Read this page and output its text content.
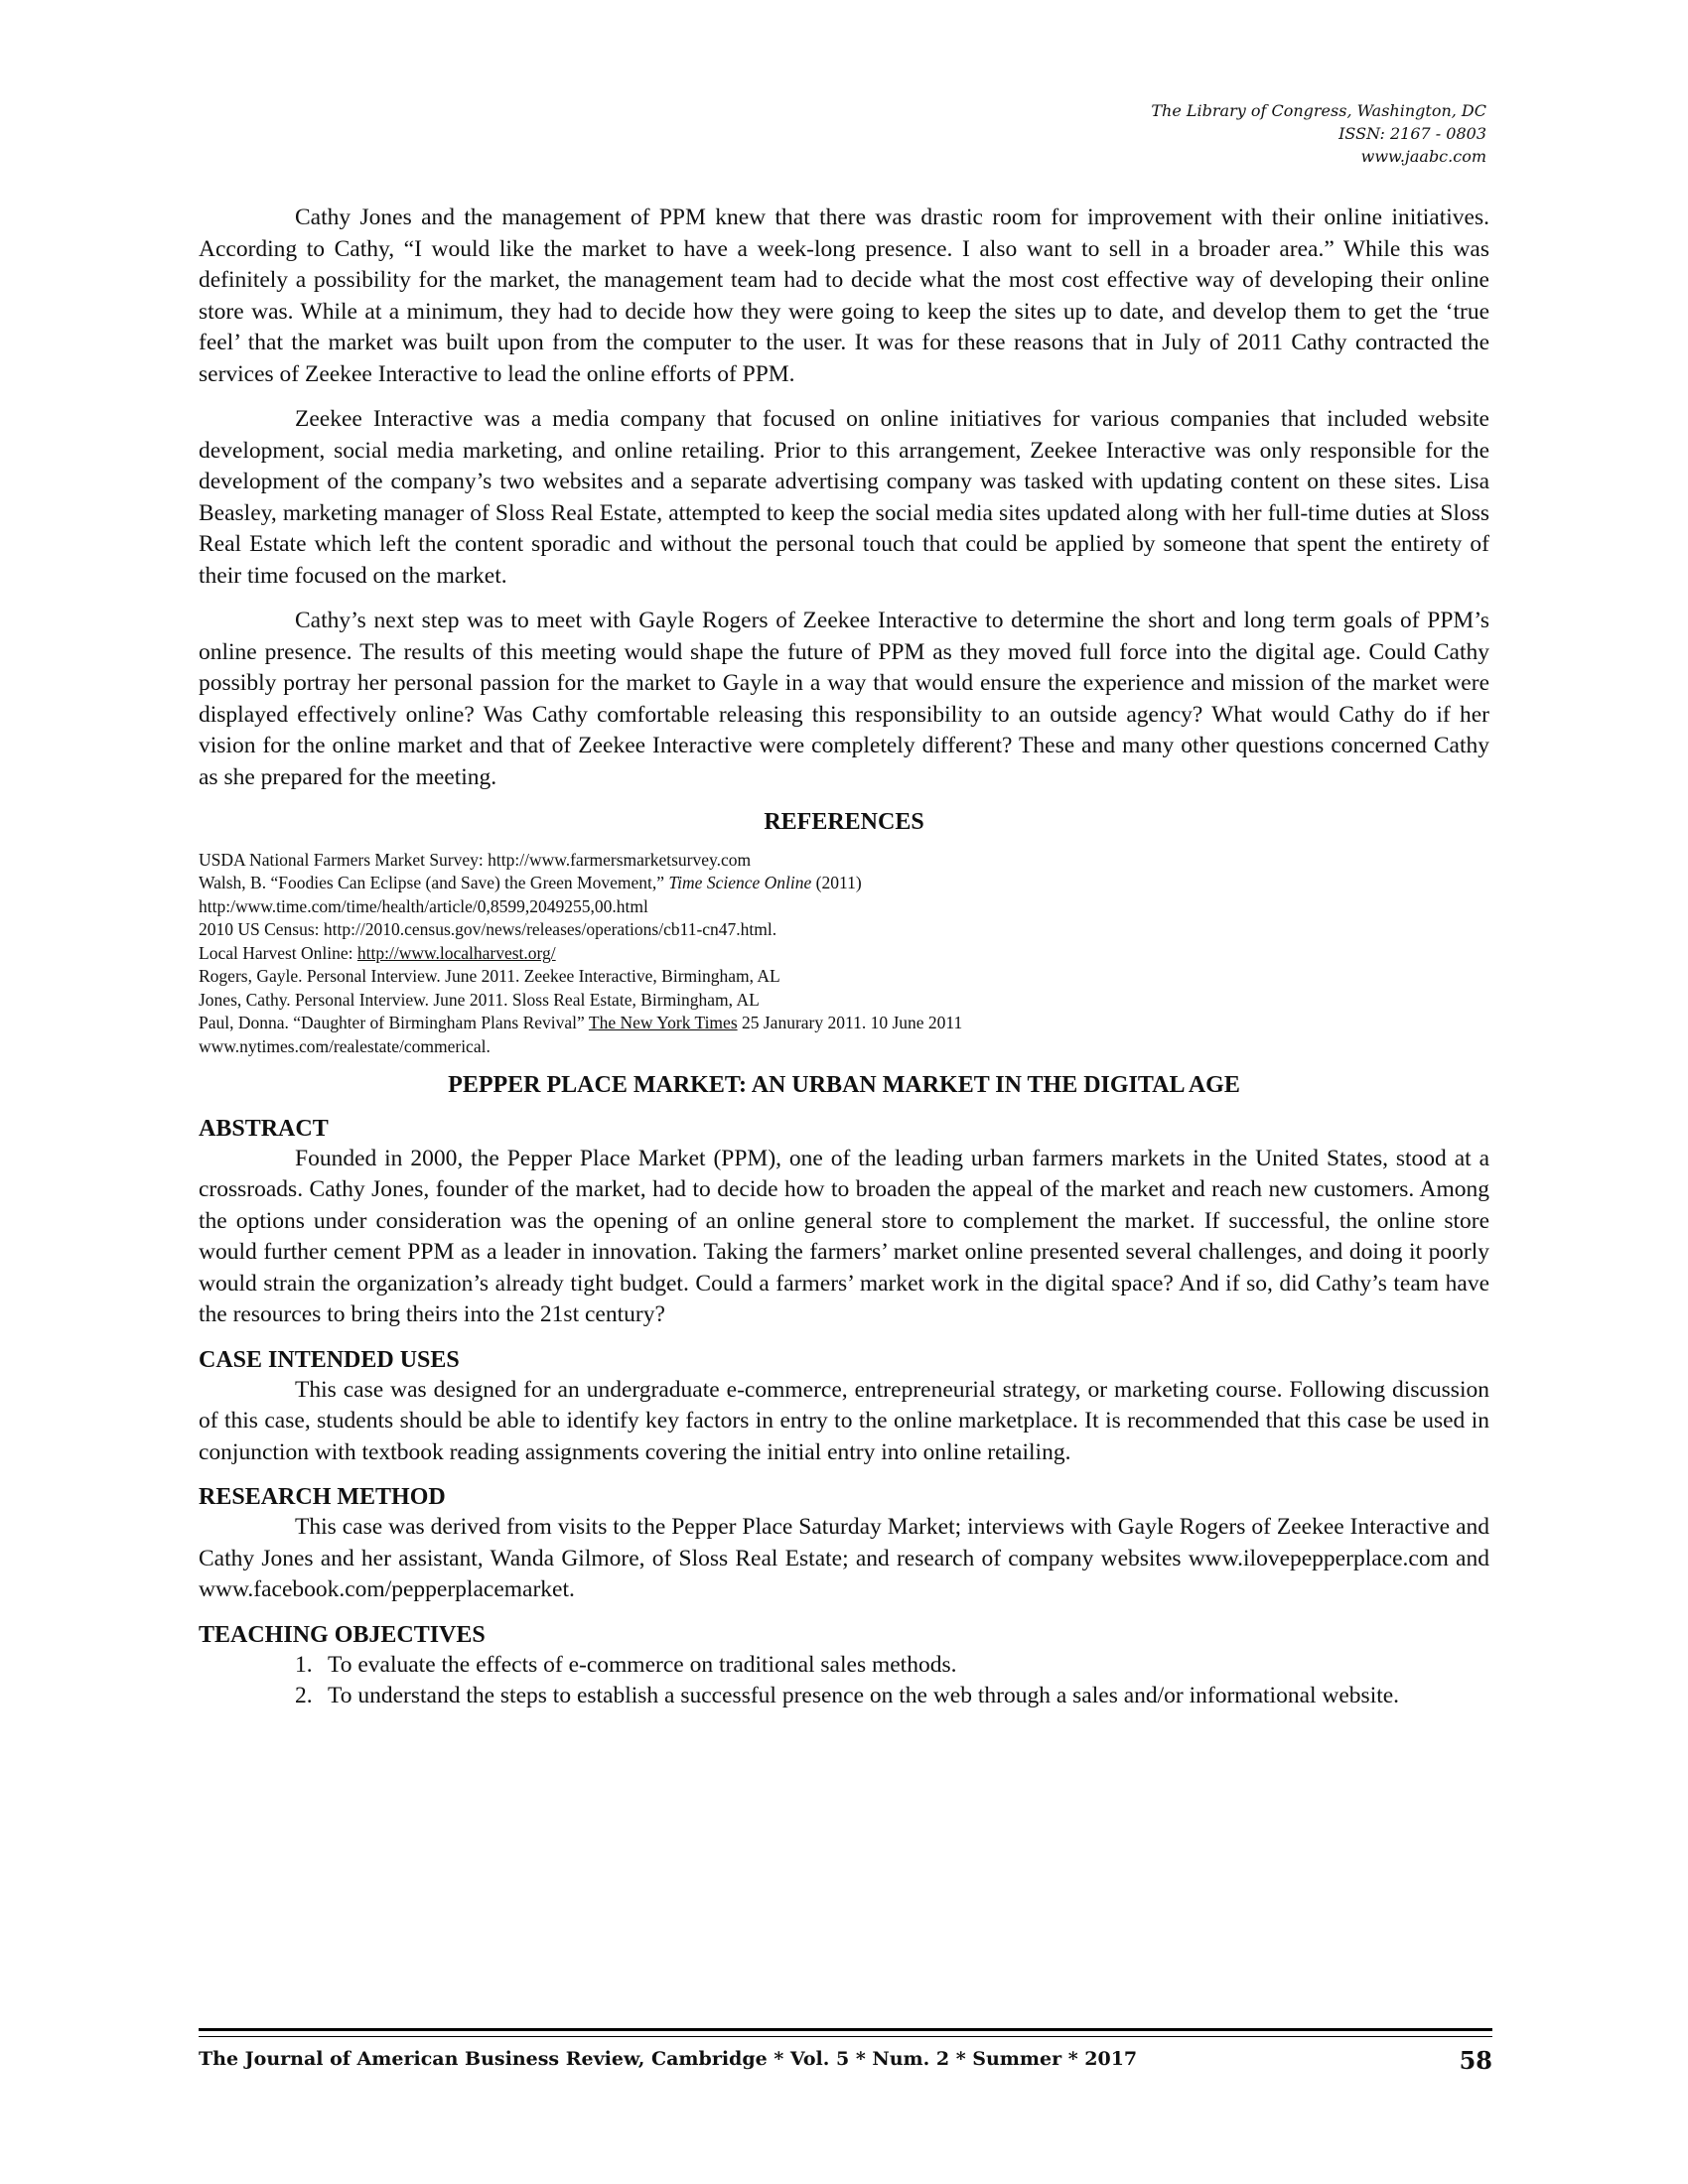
The Library of Congress, Washington, DC
ISSN: 2167 - 0803
www.jaabc.com

Cathy Jones and the management of PPM knew that there was drastic room for improvement with their online initiatives. According to Cathy, “I would like the market to have a week-long presence. I also want to sell in a broader area.” While this was definitely a possibility for the market, the management team had to decide what the most cost effective way of developing their online store was. While at a minimum, they had to decide how they were going to keep the sites up to date, and develop them to get the ‘true feel’ that the market was built upon from the computer to the user. It was for these reasons that in July of 2011 Cathy contracted the services of Zeekee Interactive to lead the online efforts of PPM.

Zeekee Interactive was a media company that focused on online initiatives for various companies that included website development, social media marketing, and online retailing. Prior to this arrangement, Zeekee Interactive was only responsible for the development of the company’s two websites and a separate advertising company was tasked with updating content on these sites. Lisa Beasley, marketing manager of Sloss Real Estate, attempted to keep the social media sites updated along with her full-time duties at Sloss Real Estate which left the content sporadic and without the personal touch that could be applied by someone that spent the entirety of their time focused on the market.

Cathy’s next step was to meet with Gayle Rogers of Zeekee Interactive to determine the short and long term goals of PPM’s online presence. The results of this meeting would shape the future of PPM as they moved full force into the digital age. Could Cathy possibly portray her personal passion for the market to Gayle in a way that would ensure the experience and mission of the market were displayed effectively online? Was Cathy comfortable releasing this responsibility to an outside agency? What would Cathy do if her vision for the online market and that of Zeekee Interactive were completely different? These and many other questions concerned Cathy as she prepared for the meeting.

REFERENCES
USDA National Farmers Market Survey: http://www.farmersmarketsurvey.com
Walsh, B. “Foodies Can Eclipse (and Save) the Green Movement,” Time Science Online (2011)
http:/www.time.com/time/health/article/0,8599,2049255,00.html
2010 US Census: http://2010.census.gov/news/releases/operations/cb11-cn47.html.
Local Harvest Online: http://www.localharvest.org/
Rogers, Gayle. Personal Interview. June 2011. Zeekee Interactive, Birmingham, AL
Jones, Cathy. Personal Interview. June 2011. Sloss Real Estate, Birmingham, AL
Paul, Donna. “Daughter of Birmingham Plans Revival” The New York Times 25 Janurary 2011. 10 June 2011
www.nytimes.com/realestate/commerical.
PEPPER PLACE MARKET: AN URBAN MARKET IN THE DIGITAL AGE
ABSTRACT

Founded in 2000, the Pepper Place Market (PPM), one of the leading urban farmers markets in the United States, stood at a crossroads. Cathy Jones, founder of the market, had to decide how to broaden the appeal of the market and reach new customers. Among the options under consideration was the opening of an online general store to complement the market. If successful, the online store would further cement PPM as a leader in innovation. Taking the farmers’ market online presented several challenges, and doing it poorly would strain the organization’s already tight budget. Could a farmers’ market work in the digital space? And if so, did Cathy’s team have the resources to bring theirs into the 21st century?

CASE INTENDED USES

This case was designed for an undergraduate e-commerce, entrepreneurial strategy, or marketing course. Following discussion of this case, students should be able to identify key factors in entry to the online marketplace. It is recommended that this case be used in conjunction with textbook reading assignments covering the initial entry into online retailing.

RESEARCH METHOD

This case was derived from visits to the Pepper Place Saturday Market; interviews with Gayle Rogers of Zeekee Interactive and Cathy Jones and her assistant, Wanda Gilmore, of Sloss Real Estate; and research of company websites www.ilovepepperplace.com and www.facebook.com/pepperplacemarket.

TEACHING OBJECTIVES
1. To evaluate the effects of e-commerce on traditional sales methods.
2. To understand the steps to establish a successful presence on the web through a sales and/or informational website.
The Journal of American Business Review, Cambridge * Vol. 5 * Num. 2 * Summer * 2017	58
